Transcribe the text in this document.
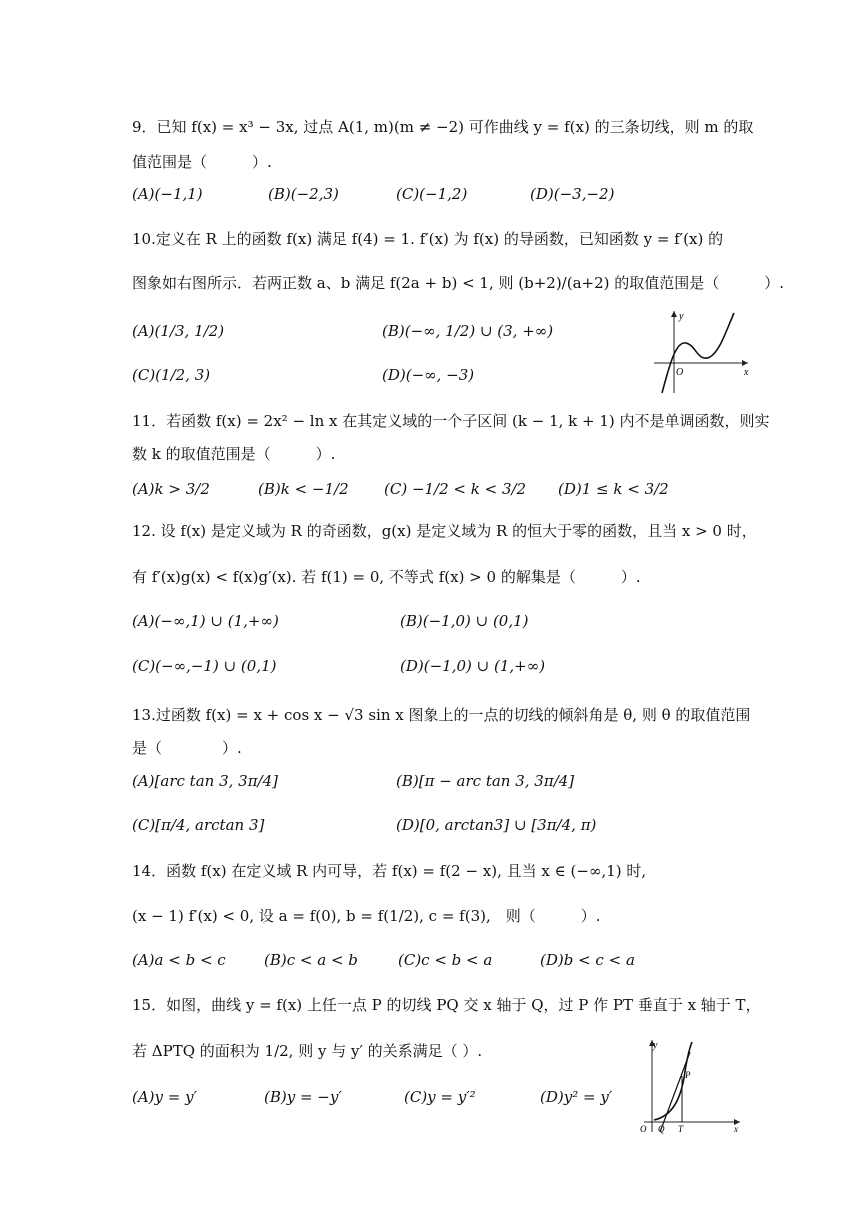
9．已知 f(x) = x³ − 3x, 过点 A(1, m)(m ≠ −2) 可作曲线 y = f(x) 的三条切线，则 m 的取
值范围是（　　　）.
(A)(−1,1)	(B)(−2,3)	(C)(−1,2)	(D)(−3,−2)
10.定义在 R 上的函数 f(x) 满足 f(4) = 1. f′(x) 为 f(x) 的导函数，已知函数 y = f′(x) 的
图象如右图所示．若两正数 a、b 满足 f(2a + b) < 1, 则 (b+2)/(a+2) 的取值范围是（　　　）.
(A)(1/3, 1/2)	(B)(−∞, 1/2) ∪ (3, +∞)
(C)(1/2, 3)	(D)(−∞, −3)
y
O	x
11．若函数 f(x) = 2x² − ln x 在其定义域的一个子区间 (k − 1, k + 1) 内不是单调函数，则实
数 k 的取值范围是（　　　）.
(A)k > 3/2	(B)k < −1/2 (C) −1/2 < k < 3/2 (D)1 ≤ k < 3/2
12. 设 f(x) 是定义域为 R 的奇函数，g(x) 是定义域为 R 的恒大于零的函数，且当 x > 0 时，
有 f′(x)g(x) < f(x)g′(x). 若 f(1) = 0, 不等式 f(x) > 0 的解集是（　　　）.
(A)(−∞,1) ∪ (1,+∞)	(B)(−1,0) ∪ (0,1)
(C)(−∞,−1) ∪ (0,1)	(D)(−1,0) ∪ (1,+∞)
13.过函数 f(x) = x + cos x − √3 sin x 图象上的一点的切线的倾斜角是 θ, 则 θ 的取值范围
是（　　　　）.
(A)[arc tan 3, 3π/4]	(B)[π − arc tan 3, 3π/4]
(C)[π/4, arctan 3]	(D)[0, arctan3] ∪ [3π/4, π)
14．函数 f(x) 在定义域 R 内可导，若 f(x) = f(2 − x), 且当 x ∈ (−∞,1) 时,
(x − 1) f′(x) < 0, 设 a = f(0), b = f(1/2), c = f(3),　则（　　　）.
(A)a < b < c	(B)c < a < b	(C)c < b < a	(D)b < c < a
15．如图，曲线 y = f(x) 上任一点 P 的切线 PQ 交 x 轴于 Q，过 P 作 PT 垂直于 x 轴于 T，
若 ΔPTQ 的面积为 1/2, 则 y 与 y′ 的关系满足（ ）.
(A)y = y′	(B)y = −y′	(C)y = y′²	(D)y² = y′
y
P
O Q T	x
